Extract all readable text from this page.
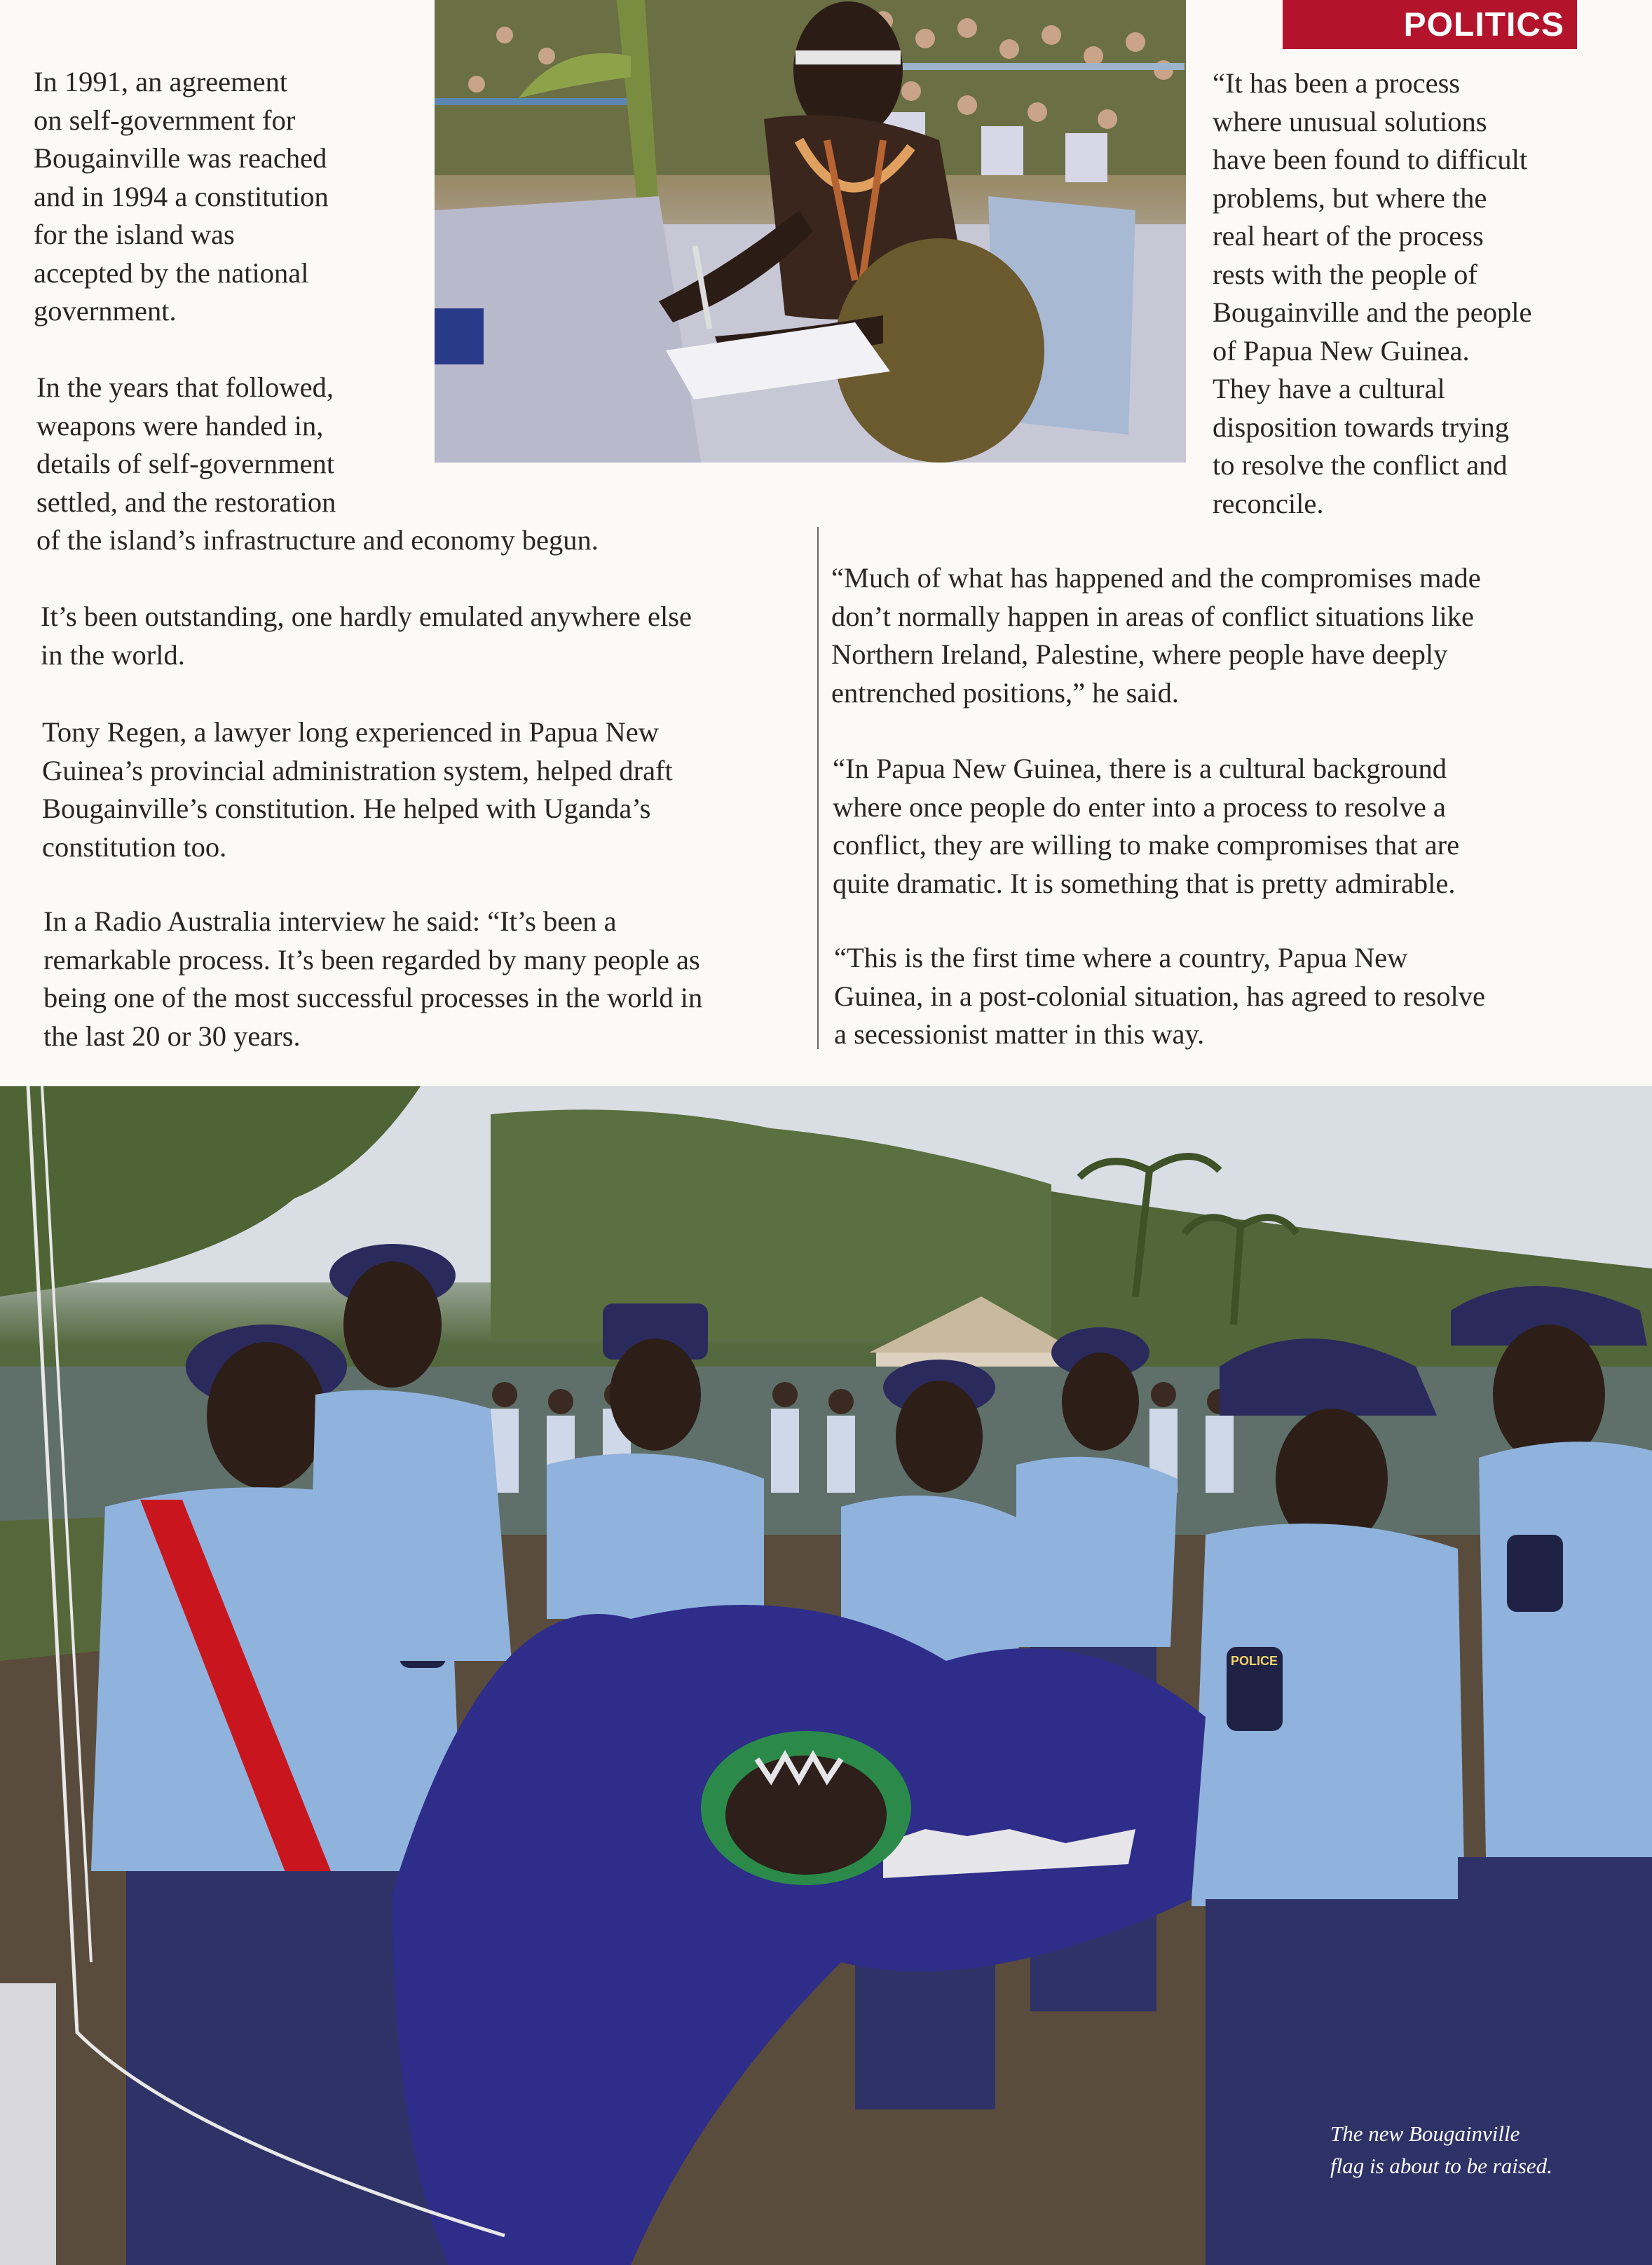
POLITICS
In 1991, an agreement
on self-government for
Bougainville was reached
and in 1994 a constitution
for the island was
accepted by the national
government.
In the years that followed,
weapons were handed in,
details of self-government
settled, and the restoration
of the island’s infrastructure and economy begun.
“It has been a process
where unusual solutions
have been found to difficult
problems, but where the
real heart of the process
rests with the people of
Bougainville and the people
of Papua New Guinea.
They have a cultural
disposition towards trying
to resolve the conflict and
reconcile.
It’s been outstanding, one hardly emulated anywhere else
in the world.
Tony Regen, a lawyer long experienced in Papua New
Guinea’s provincial administration system, helped draft
Bougainville’s constitution. He helped with Uganda’s
constitution too.
In a Radio Australia interview he said: “It’s been a
remarkable process. It’s been regarded by many people as
being one of the most successful processes in the world in
the last 20 or 30 years.
“Much of what has happened and the compromises made
don’t normally happen in areas of conflict situations like
Northern Ireland, Palestine, where people have deeply
entrenched positions,” he said.
“In Papua New Guinea, there is a cultural background
where once people do enter into a process to resolve a
conflict, they are willing to make compromises that are
quite dramatic. It is something that is pretty admirable.
“This is the first time where a country, Papua New
Guinea, in a post-colonial situation, has agreed to resolve
a secessionist matter in this way.
POLICE
The new Bougainville
flag is about to be raised.
